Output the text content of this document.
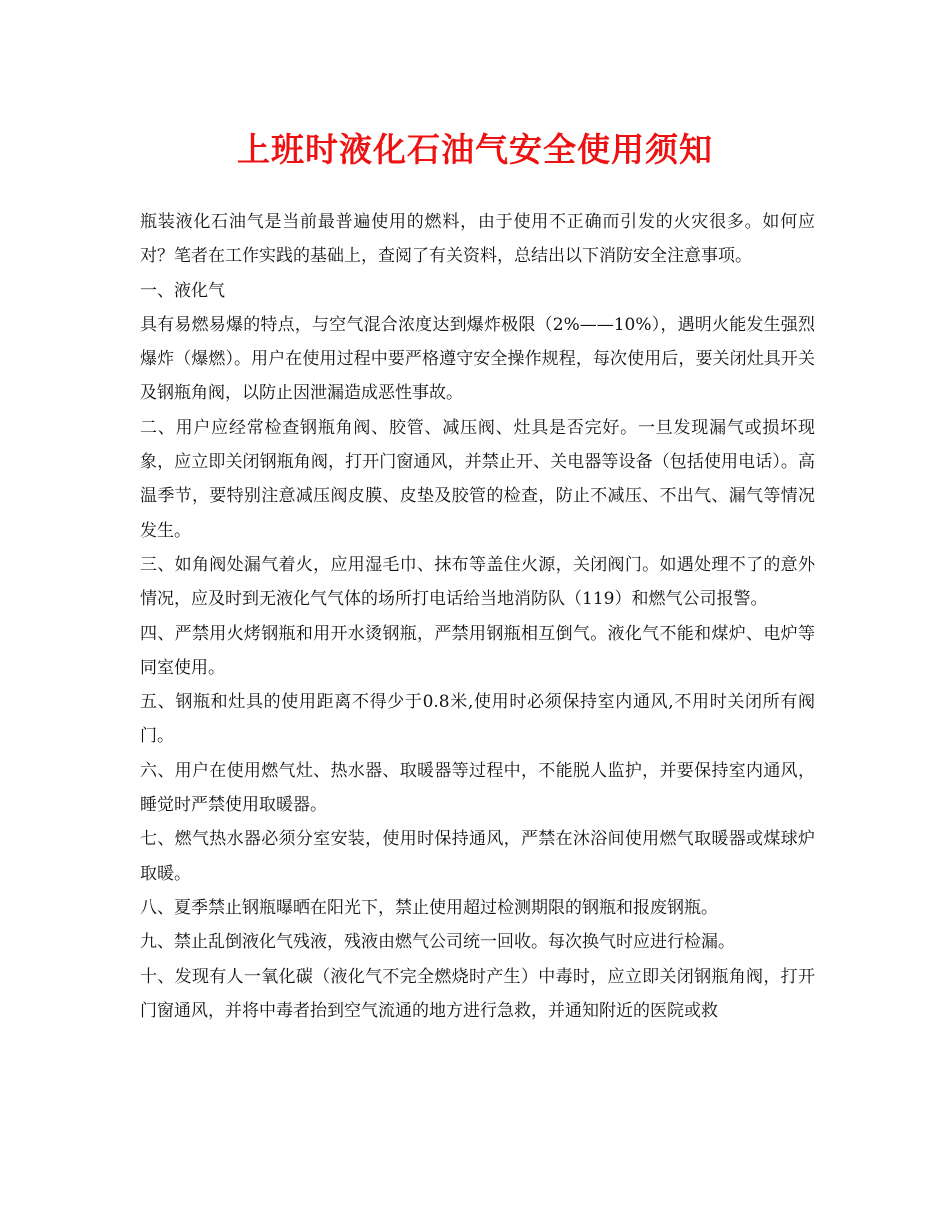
上班时液化石油气安全使用须知

瓶装液化石油气是当前最普遍使用的燃料，由于使用不正确而引发的火灾很多。如何应对？笔者在工作实践的基础上，查阅了有关资料，总结出以下消防安全注意事项。

一、液化气

具有易燃易爆的特点，与空气混合浓度达到爆炸极限（2%——10%），遇明火能发生强烈爆炸（爆燃）。用户在使用过程中要严格遵守安全操作规程，每次使用后，要关闭灶具开关及钢瓶角阀，以防止因泄漏造成恶性事故。

二、用户应经常检查钢瓶角阀、胶管、减压阀、灶具是否完好。一旦发现漏气或损坏现象，应立即关闭钢瓶角阀，打开门窗通风，并禁止开、关电器等设备（包括使用电话）。高温季节，要特别注意减压阀皮膜、皮垫及胶管的检查，防止不减压、不出气、漏气等情况发生。

三、如角阀处漏气着火，应用湿毛巾、抹布等盖住火源，关闭阀门。如遇处理不了的意外情况，应及时到无液化气气体的场所打电话给当地消防队（119）和燃气公司报警。

四、严禁用火烤钢瓶和用开水烫钢瓶，严禁用钢瓶相互倒气。液化气不能和煤炉、电炉等同室使用。

五、钢瓶和灶具的使用距离不得少于0.8米,使用时必须保持室内通风,不用时关闭所有阀门。

六、用户在使用燃气灶、热水器、取暖器等过程中，不能脱人监护，并要保持室内通风，睡觉时严禁使用取暖器。

七、燃气热水器必须分室安装，使用时保持通风，严禁在沐浴间使用燃气取暖器或煤球炉取暖。

八、夏季禁止钢瓶曝晒在阳光下，禁止使用超过检测期限的钢瓶和报废钢瓶。

九、禁止乱倒液化气残液，残液由燃气公司统一回收。每次换气时应进行检漏。

十、发现有人一氧化碳（液化气不完全燃烧时产生）中毒时，应立即关闭钢瓶角阀，打开门窗通风，并将中毒者抬到空气流通的地方进行急救，并通知附近的医院或救
